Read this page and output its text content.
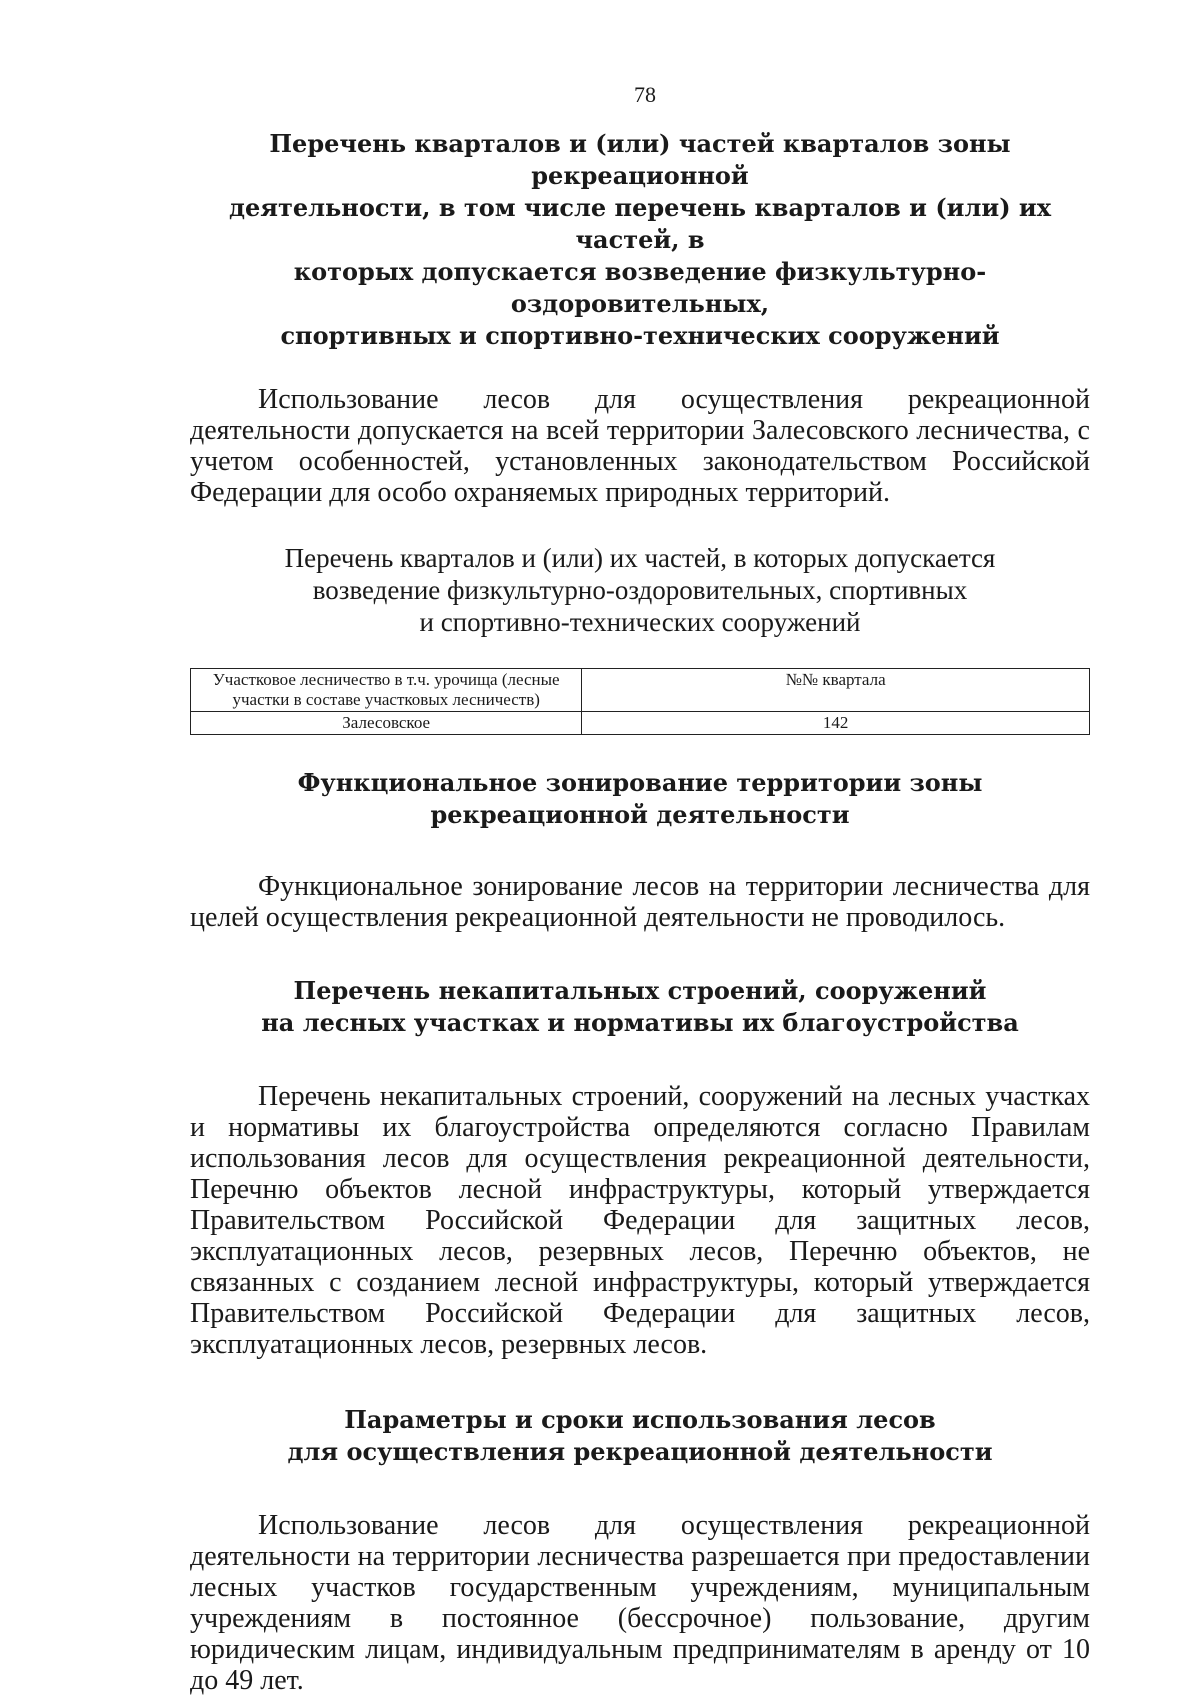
78
Перечень кварталов и (или) частей кварталов зоны рекреационной
деятельности, в том числе перечень кварталов и (или) их частей, в
которых допускается возведение физкультурно-оздоровительных,
спортивных и спортивно-технических сооружений

Использование лесов для осуществления рекреационной деятельности допускается на всей территории Залесовского лесничества, с учетом особенностей, установленных законодательством Российской Федерации для особо охраняемых природных территорий.

Перечень кварталов и (или) их частей, в которых допускается
возведение физкультурно-оздоровительных, спортивных
и спортивно-технических сооружений
Участковое лесничество в т.ч. урочища (лесные участки в составе участковых лесничеств)	№№ квартала
Залесовское	142
Функциональное зонирование территории зоны
рекреационной деятельности

Функциональное зонирование лесов на территории лесничества для целей осуществления рекреационной деятельности не проводилось.

Перечень некапитальных строений, сооружений
на лесных участках и нормативы их благоустройства

Перечень некапитальных строений, сооружений на лесных участках и нормативы их благоустройства определяются согласно Правилам использования лесов для осуществления рекреационной деятельности, Перечню объектов лесной инфраструктуры, который утверждается Правительством Российской Федерации для защитных лесов, эксплуатационных лесов, резервных лесов, Перечню объектов, не связанных с созданием лесной инфраструктуры, который утверждается Правительством Российской Федерации для защитных лесов, эксплуатационных лесов, резервных лесов.

Параметры и сроки использования лесов
для осуществления рекреационной деятельности

Использование лесов для осуществления рекреационной деятельности на территории лесничества разрешается при предоставлении лесных участков государственным учреждениям, муниципальным учреждениям в постоянное (бессрочное) пользование, другим юридическим лицам, индивидуальным предпринимателям в аренду от 10 до 49 лет.
